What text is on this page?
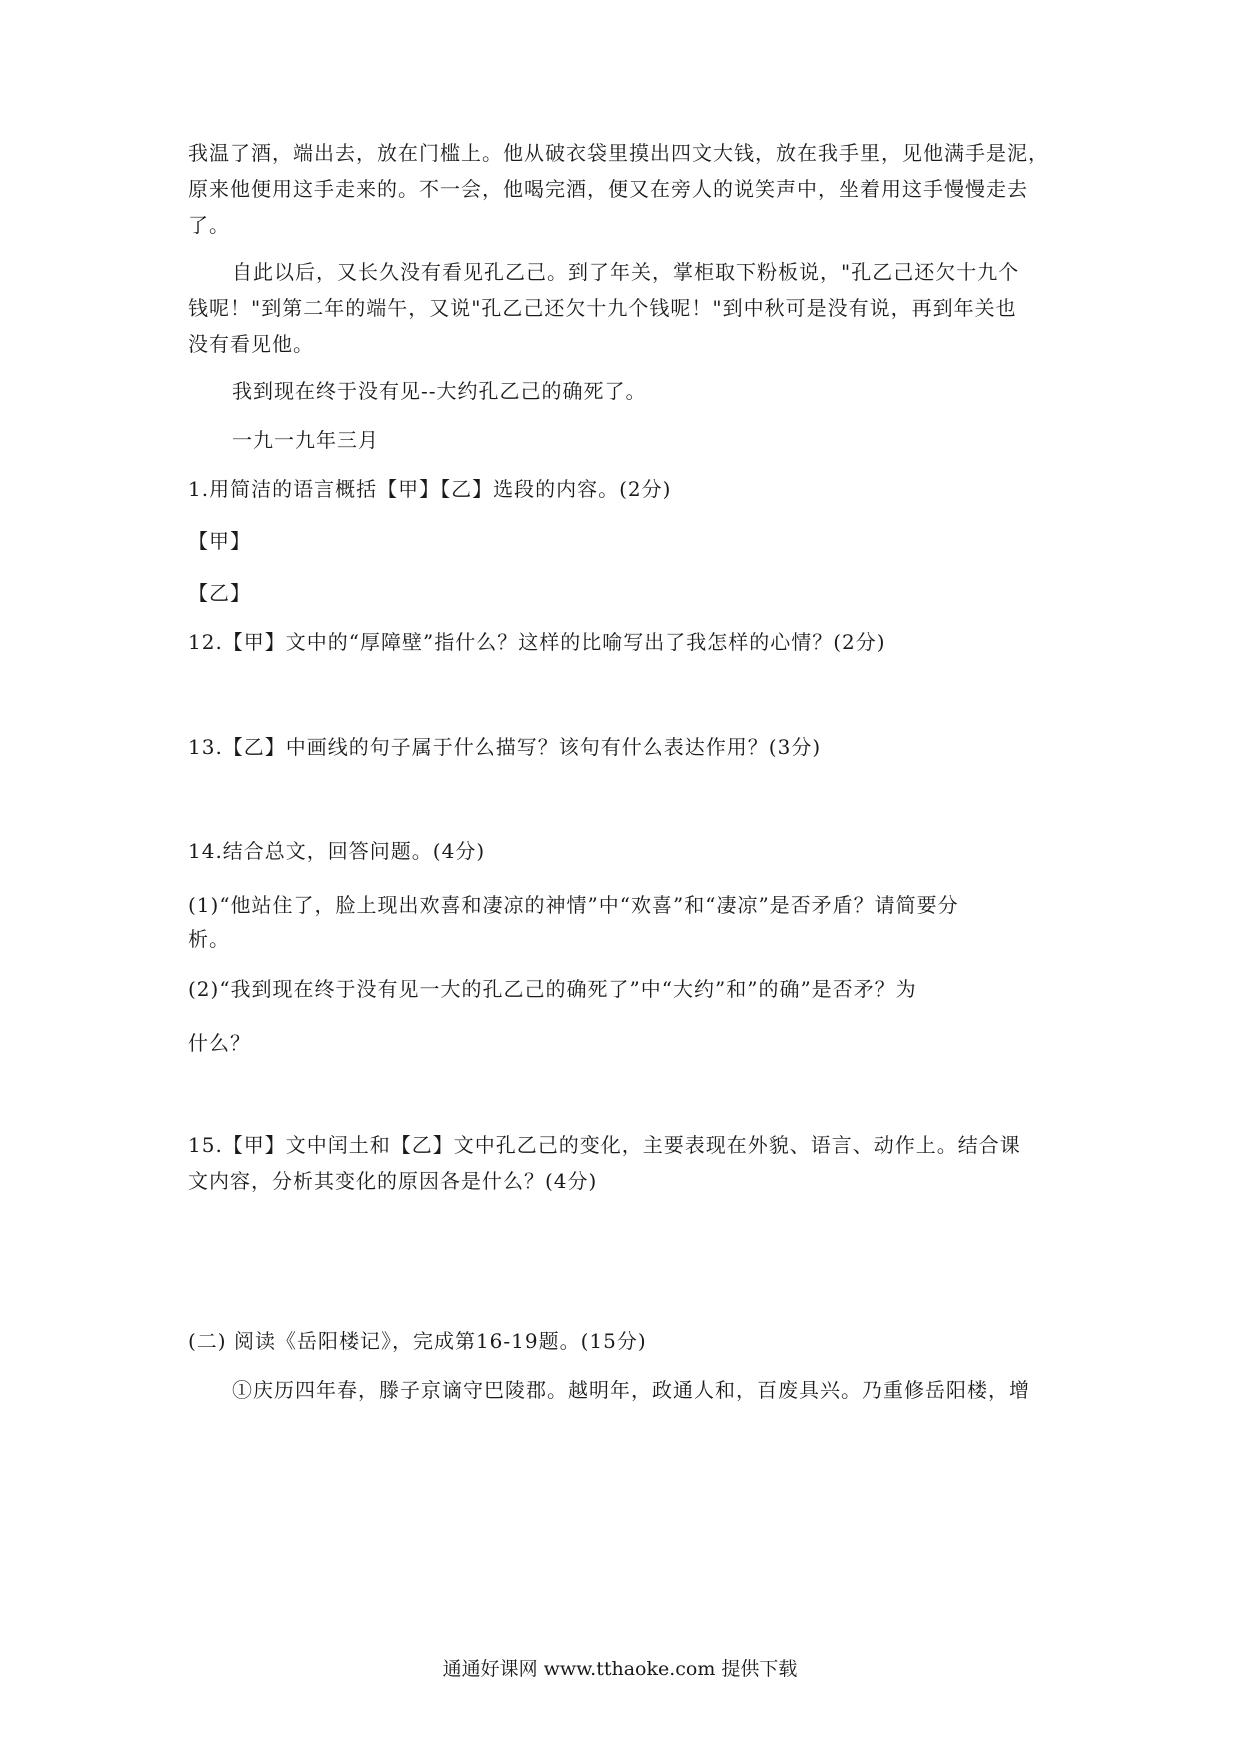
我温了酒，端出去，放在门槛上。他从破衣袋里摸出四文大钱，放在我手里，见他满手是泥，
原来他便用这手走来的。不一会，他喝完酒，便又在旁人的说笑声中，坐着用这手慢慢走去
了。
自此以后，又长久没有看见孔乙己。到了年关，掌柜取下粉板说，"孔乙己还欠十九个
钱呢！"到第二年的端午，又说"孔乙己还欠十九个钱呢！"到中秋可是没有说，再到年关也
没有看见他。
我到现在终于没有见--大约孔乙己的确死了。
一九一九年三月
1.用简洁的语言概括【甲】【乙】选段的内容。(2分)
【甲】
【乙】
12.【甲】文中的“厚障壁”指什么？这样的比喻写出了我怎样的心情？(2分)
13.【乙】中画线的句子属于什么描写？该句有什么表达作用？(3分)
14.结合总文，回答问题。(4分)
(1)“他站住了，脸上现出欢喜和凄凉的神情”中“欢喜”和“凄凉”是否矛盾？请简要分
析。
(2)“我到现在终于没有见一大的孔乙己的确死了”中“大约”和”的确”是否矛？为
什么？
15.【甲】文中闰土和【乙】文中孔乙己的变化，主要表现在外貌、语言、动作上。结合课
文内容，分析其变化的原因各是什么？(4分)
(二) 阅读《岳阳楼记》，完成第16-19题。(15分)
①庆历四年春，滕子京谪守巴陵郡。越明年，政通人和，百废具兴。乃重修岳阳楼，增
通通好课网 www.tthaoke.com 提供下载
